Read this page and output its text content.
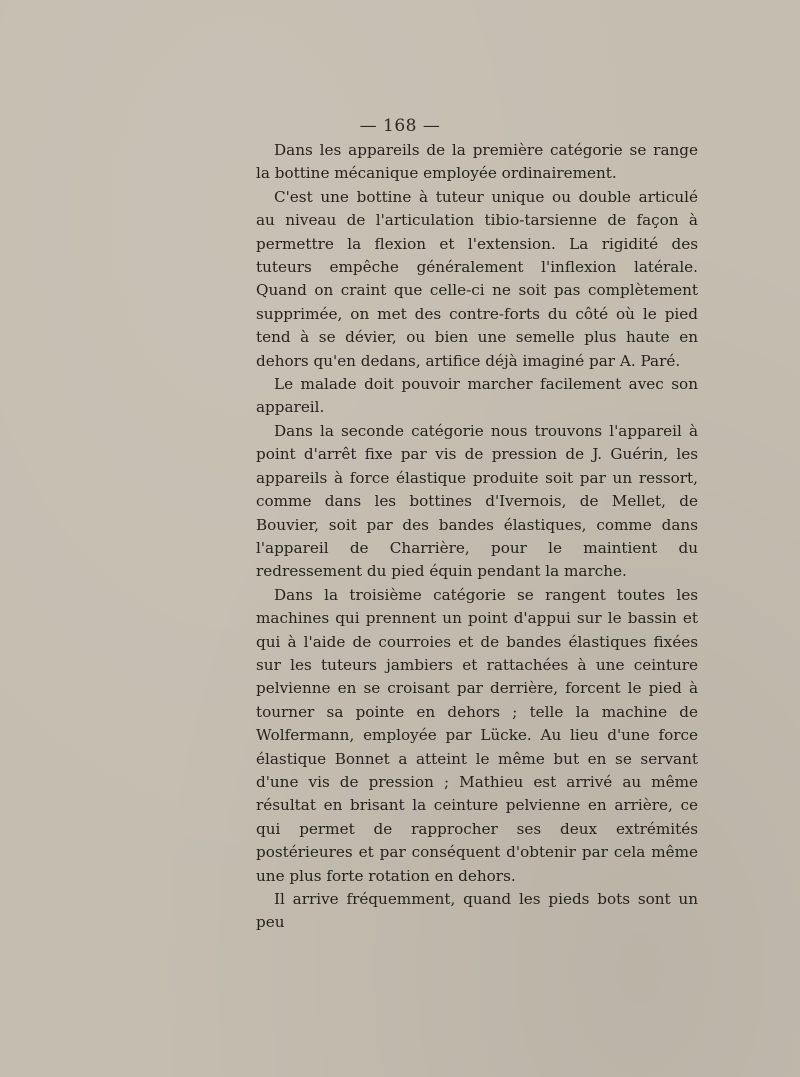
— 168 —

Dans les appareils de la première catégorie se range la bottine mécanique employée ordinairement.

C'est une bottine à tuteur unique ou double articulé au niveau de l'articulation tibio-tarsienne de façon à permettre la flexion et l'extension. La rigidité des tuteurs empêche généralement l'inflexion latérale. Quand on craint que celle-ci ne soit pas complètement supprimée, on met des contre-forts du côté où le pied tend à se dévier, ou bien une semelle plus haute en dehors qu'en dedans, artifice déjà imaginé par A. Paré.

Le malade doit pouvoir marcher facilement avec son appareil.

Dans la seconde catégorie nous trouvons l'appareil à point d'arrêt fixe par vis de pression de J. Guérin, les appareils à force élastique produite soit par un ressort, comme dans les bottines d'Ivernois, de Mellet, de Bouvier, soit par des bandes élastiques, comme dans l'appareil de Charrière, pour le maintient du redressement du pied équin pendant la marche.

Dans la troisième catégorie se rangent toutes les machines qui prennent un point d'appui sur le bassin et qui à l'aide de courroies et de bandes élastiques fixées sur les tuteurs jambiers et rattachées à une ceinture pelvienne en se croisant par derrière, forcent le pied à tourner sa pointe en dehors ; telle la machine de Wolfermann, employée par Lücke. Au lieu d'une force élastique Bonnet a atteint le même but en se servant d'une vis de pression ; Mathieu est arrivé au même résultat en brisant la ceinture pelvienne en arrière, ce qui permet de rapprocher ses deux extrémités postérieures et par conséquent d'obtenir par cela même une plus forte rotation en dehors.

Il arrive fréquemment, quand les pieds bots sont un peu
